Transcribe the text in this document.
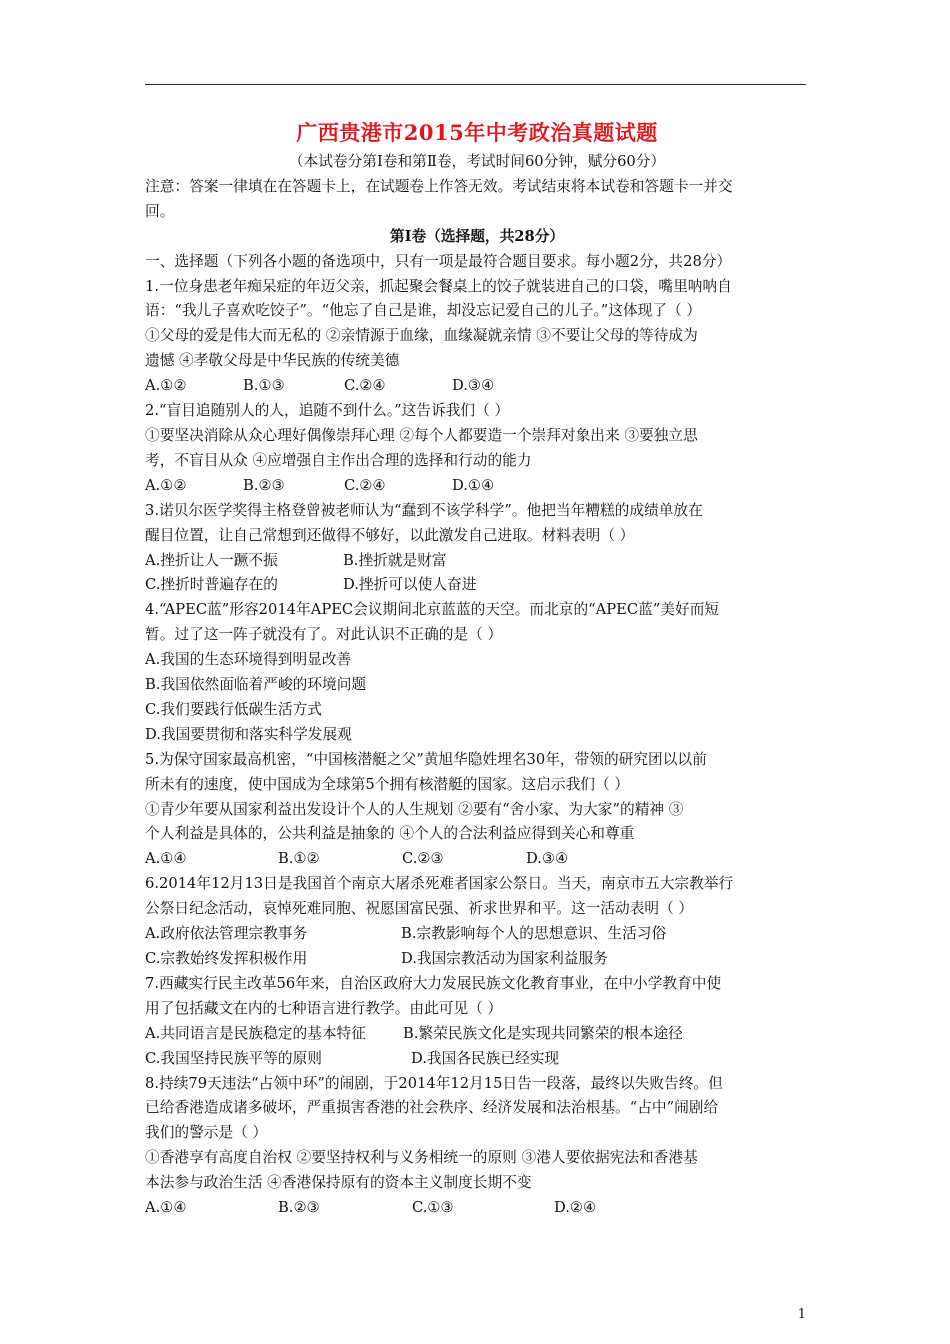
广西贵港市2015年中考政治真题试题
（本试卷分第Ⅰ卷和第Ⅱ卷，考试时间60分钟，赋分60分）
注意：答案一律填在在答题卡上，在试题卷上作答无效。考试结束将本试卷和答题卡一并交
回。
第Ⅰ卷（选择题，共28分）
一、选择题（下列各小题的备选项中，只有一项是最符合题目要求。每小题2分，共28分）
1.一位身患老年痴呆症的年迈父亲，抓起聚会餐桌上的饺子就装进自己的口袋，嘴里呐呐自
语：“我儿子喜欢吃饺子”。“他忘了自己是谁，却没忘记爱自己的儿子。”这体现了（ ）
①父母的爱是伟大而无私的 ②亲情源于血缘，血缘凝就亲情 ③不要让父母的等待成为
遗憾 ④孝敬父母是中华民族的传统美德
A.①②	B.①③	C.②④	D.③④
2.“盲目追随别人的人，追随不到什么。”这告诉我们（ ）
①要坚决消除从众心理好偶像崇拜心理 ②每个人都要造一个崇拜对象出来 ③要独立思
考，不盲目从众 ④应增强自主作出合理的选择和行动的能力
A.①②	B.②③	C.②④	D.①④
3.诺贝尔医学奖得主格登曾被老师认为“蠢到不该学科学”。他把当年糟糕的成绩单放在
醒目位置，让自己常想到还做得不够好，以此激发自己进取。材料表明（ ）
A.挫折让人一蹶不振	B.挫折就是财富
C.挫折时普遍存在的	D.挫折可以使人奋进
4.“APEC蓝”形容2014年APEC会议期间北京蓝蓝的天空。而北京的“APEC蓝”美好而短
暂。过了这一阵子就没有了。对此认识不正确的是（ ）
A.我国的生态环境得到明显改善
B.我国依然面临着严峻的环境问题
C.我们要践行低碳生活方式
D.我国要贯彻和落实科学发展观
5.为保守国家最高机密，“中国核潜艇之父”黄旭华隐姓埋名30年，带领的研究团以以前
所未有的速度，使中国成为全球第5个拥有核潜艇的国家。这启示我们（ ）
①青少年要从国家利益出发设计个人的人生规划 ②要有“舍小家、为大家”的精神 ③
个人利益是具体的，公共利益是抽象的 ④个人的合法利益应得到关心和尊重
A.①④	B.①②	C.②③	D.③④
6.2014年12月13日是我国首个南京大屠杀死难者国家公祭日。当天，南京市五大宗教举行
公祭日纪念活动，哀悼死难同胞、祝愿国富民强、祈求世界和平。这一活动表明（ ）
A.政府依法管理宗教事务	B.宗教影响每个人的思想意识、生活习俗
C.宗教始终发挥积极作用	D.我国宗教活动为国家利益服务
7.西藏实行民主改革56年来，自治区政府大力发展民族文化教育事业，在中小学教育中使
用了包括藏文在内的七种语言进行教学。由此可见（ ）
A.共同语言是民族稳定的基本特征	B.繁荣民族文化是实现共同繁荣的根本途径
C.我国坚持民族平等的原则	D.我国各民族已经实现
8.持续79天违法“占领中环”的闹剧，于2014年12月15日告一段落，最终以失败告终。但
已给香港造成诸多破坏，严重损害香港的社会秩序、经济发展和法治根基。“占中”闹剧给
我们的警示是（ ）
①香港享有高度自治权 ②要坚持权利与义务相统一的原则 ③港人要依据宪法和香港基
本法参与政治生活 ④香港保持原有的资本主义制度长期不变
A.①④	B.②③	C.①③	D.②④
1
